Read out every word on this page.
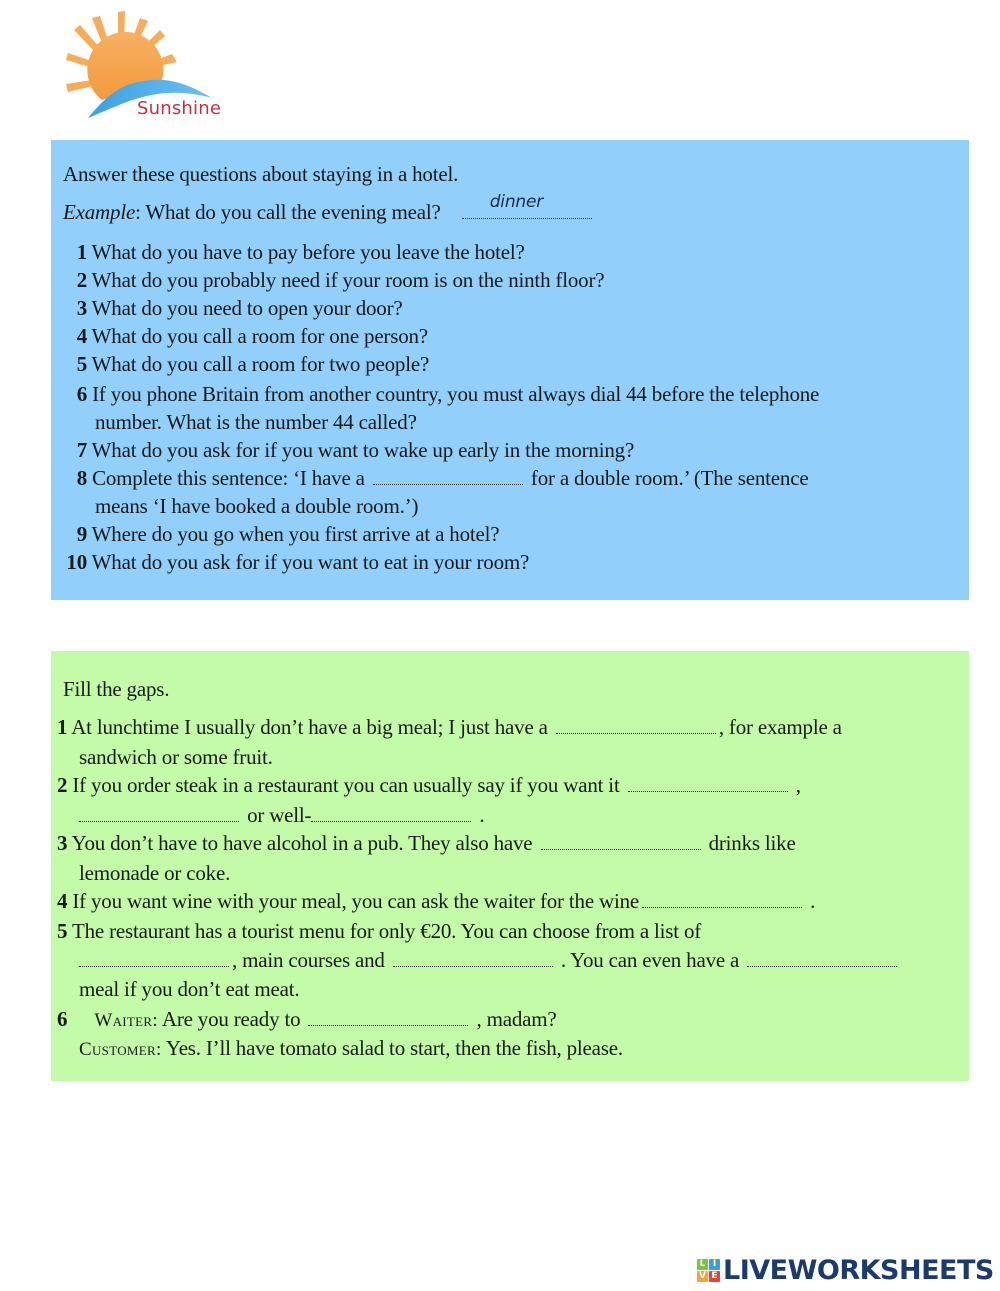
Sunshine
Answer these questions about staying in a hotel.
Example: What do you call the evening meal?	dinner
1 What do you have to pay before you leave the hotel?
2 What do you probably need if your room is on the ninth floor?
3 What do you need to open your door?
4 What do you call a room for one person?
5 What do you call a room for two people?
6 If you phone Britain from another country, you must always dial 44 before the telephone
number. What is the number 44 called?
7 What do you ask for if you want to wake up early in the morning?
8 Complete this sentence: ‘I have a	for a double room.’ (The sentence
means ‘I have booked a double room.’)
9 Where do you go when you first arrive at a hotel?
10 What do you ask for if you want to eat in your room?
Fill the gaps.
1 At lunchtime I usually don’t have a big meal; I just have a	, for example a
sandwich or some fruit.
2 If you order steak in a restaurant you can usually say if you want it	,
or well-	.
3 You don’t have to have alcohol in a pub. They also have	drinks like
lemonade or coke.
4 If you want wine with your meal, you can ask the waiter for the wine	.
5 The restaurant has a tourist menu for only €20. You can choose from a list of
, main courses and	. You can even have a
meal if you don’t eat meat.
6 Waiter: Are you ready to	, madam?
Customer: Yes. I’ll have tomato salad to start, then the fish, please.
L I
V E LIVEWORKSHEETS
